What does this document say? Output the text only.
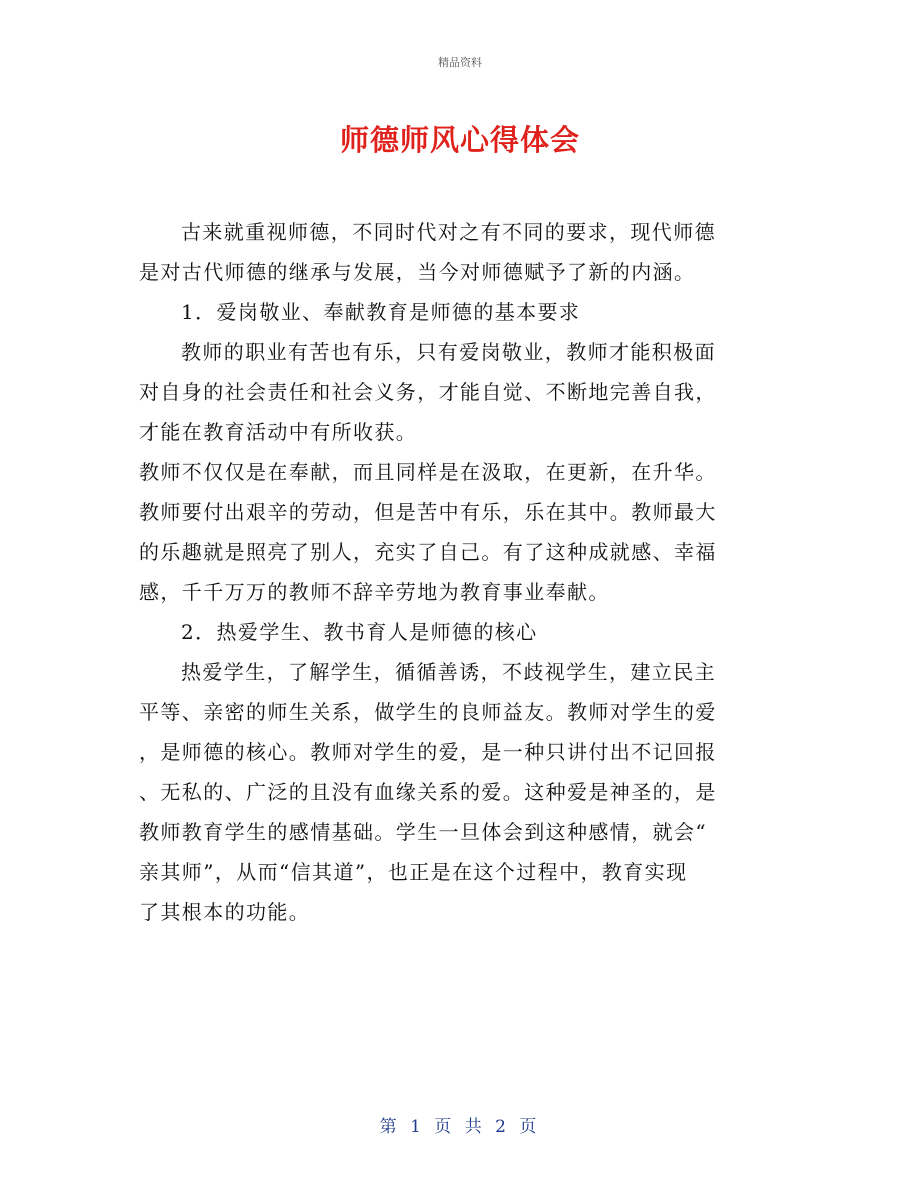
精品资料
师德师风心得体会
古来就重视师德，不同时代对之有不同的要求，现代师德
是对古代师德的继承与发展，当今对师德赋予了新的内涵。
1．爱岗敬业、奉献教育是师德的基本要求
教师的职业有苦也有乐，只有爱岗敬业，教师才能积极面
对自身的社会责任和社会义务，才能自觉、不断地完善自我，
才能在教育活动中有所收获。
教师不仅仅是在奉献，而且同样是在汲取，在更新，在升华。
教师要付出艰辛的劳动，但是苦中有乐，乐在其中。教师最大
的乐趣就是照亮了别人，充实了自己。有了这种成就感、幸福
感，千千万万的教师不辞辛劳地为教育事业奉献。
2．热爱学生、教书育人是师德的核心
热爱学生，了解学生，循循善诱，不歧视学生，建立民主
平等、亲密的师生关系，做学生的良师益友。教师对学生的爱
，是师德的核心。教师对学生的爱，是一种只讲付出不记回报
、无私的、广泛的且没有血缘关系的爱。这种爱是神圣的，是
教师教育学生的感情基础。学生一旦体会到这种感情，就会“
亲其师”，从而“信其道”，也正是在这个过程中，教育实现
了其根本的功能。
第 1 页 共 2 页
